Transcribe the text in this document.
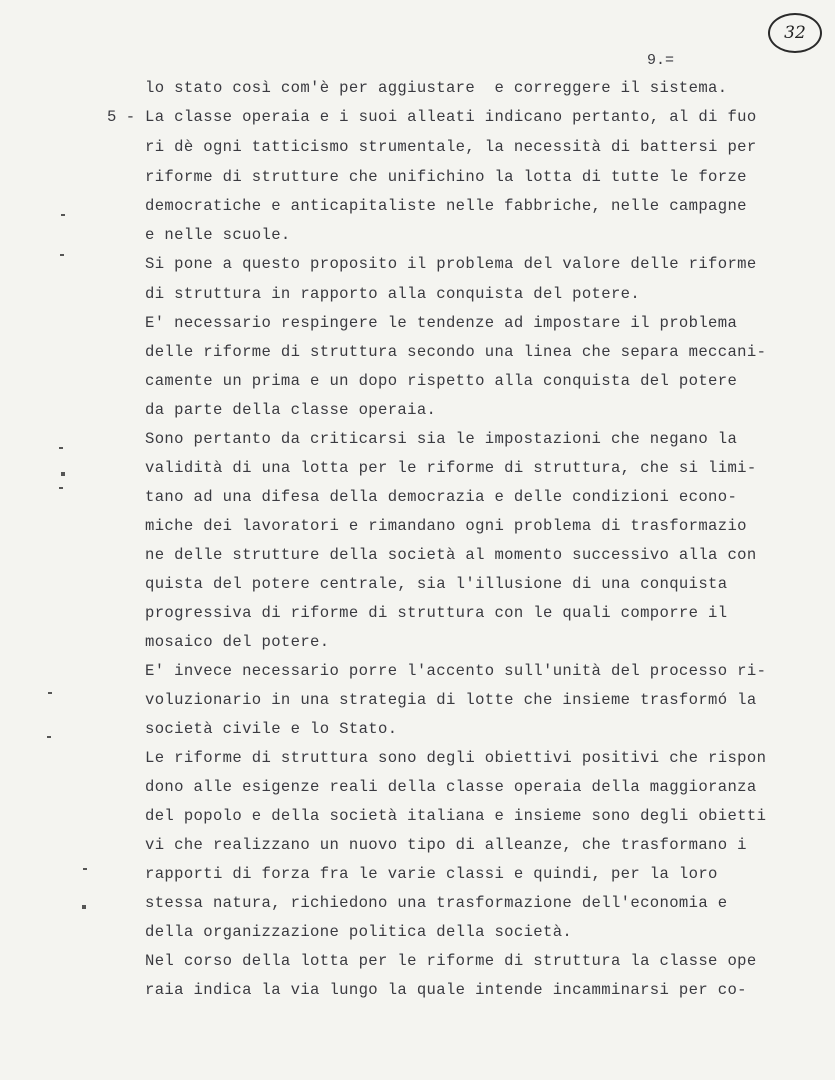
32
9.=
5 -
lo stato così com'è per aggiustare  e correggere il sistema.
La classe operaia e i suoi alleati indicano pertanto, al di fuo
ri dè ogni tatticismo strumentale, la necessità di battersi per
riforme di strutture che unifichino la lotta di tutte le forze
democratiche e anticapitaliste nelle fabbriche, nelle campagne
e nelle scuole.
Si pone a questo proposito il problema del valore delle riforme
di struttura in rapporto alla conquista del potere.
E' necessario respingere le tendenze ad impostare il problema
delle riforme di struttura secondo una linea che separa meccani-
camente un prima e un dopo rispetto alla conquista del potere
da parte della classe operaia.
Sono pertanto da criticarsi sia le impostazioni che negano la
validità di una lotta per le riforme di struttura, che si limi-
tano ad una difesa della democrazia e delle condizioni econo-
miche dei lavoratori e rimandano ogni problema di trasformazio
ne delle strutture della società al momento successivo alla con
quista del potere centrale, sia l'illusione di una conquista
progressiva di riforme di struttura con le quali comporre il
mosaico del potere.
E' invece necessario porre l'accento sull'unità del processo ri-
voluzionario in una strategia di lotte che insieme trasformó la
società civile e lo Stato.
Le riforme di struttura sono degli obiettivi positivi che rispon
dono alle esigenze reali della classe operaia della maggioranza
del popolo e della società italiana e insieme sono degli obietti
vi che realizzano un nuovo tipo di alleanze, che trasformano i
rapporti di forza fra le varie classi e quindi, per la loro
stessa natura, richiedono una trasformazione dell'economia e
della organizzazione politica della società.
Nel corso della lotta per le riforme di struttura la classe ope
raia indica la via lungo la quale intende incamminarsi per co-
